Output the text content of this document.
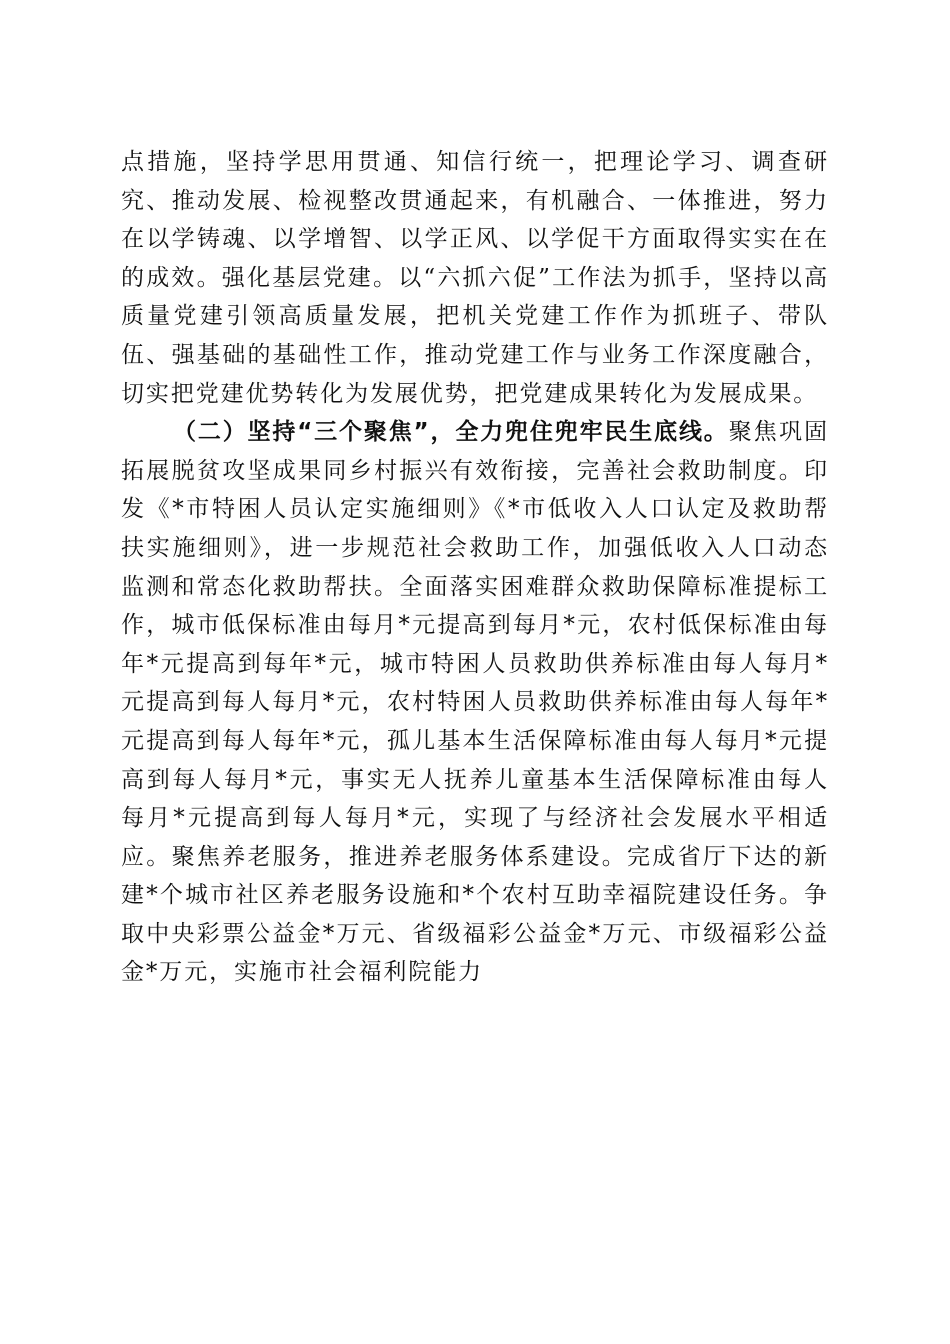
点措施，坚持学思用贯通、知信行统一，把理论学习、调查研究、推动发展、检视整改贯通起来，有机融合、一体推进，努力在以学铸魂、以学增智、以学正风、以学促干方面取得实实在在的成效。强化基层党建。以“六抓六促”工作法为抓手，坚持以高质量党建引领高质量发展，把机关党建工作作为抓班子、带队伍、强基础的基础性工作，推动党建工作与业务工作深度融合，切实把党建优势转化为发展优势，把党建成果转化为发展成果。

（二）坚持“三个聚焦”，全力兜住兜牢民生底线。聚焦巩固拓展脱贫攻坚成果同乡村振兴有效衔接，完善社会救助制度。印发《*市特困人员认定实施细则》《*市低收入人口认定及救助帮扶实施细则》，进一步规范社会救助工作，加强低收入人口动态监测和常态化救助帮扶。全面落实困难群众救助保障标准提标工作，城市低保标准由每月*元提高到每月*元，农村低保标准由每年*元提高到每年*元，城市特困人员救助供养标准由每人每月*元提高到每人每月*元，农村特困人员救助供养标准由每人每年*元提高到每人每年*元，孤儿基本生活保障标准由每人每月*元提高到每人每月*元，事实无人抚养儿童基本生活保障标准由每人每月*元提高到每人每月*元，实现了与经济社会发展水平相适应。聚焦养老服务，推进养老服务体系建设。完成省厅下达的新建*个城市社区养老服务设施和*个农村互助幸福院建设任务。争取中央彩票公益金*万元、省级福彩公益金*万元、市级福彩公益金*万元，实施市社会福利院能力
